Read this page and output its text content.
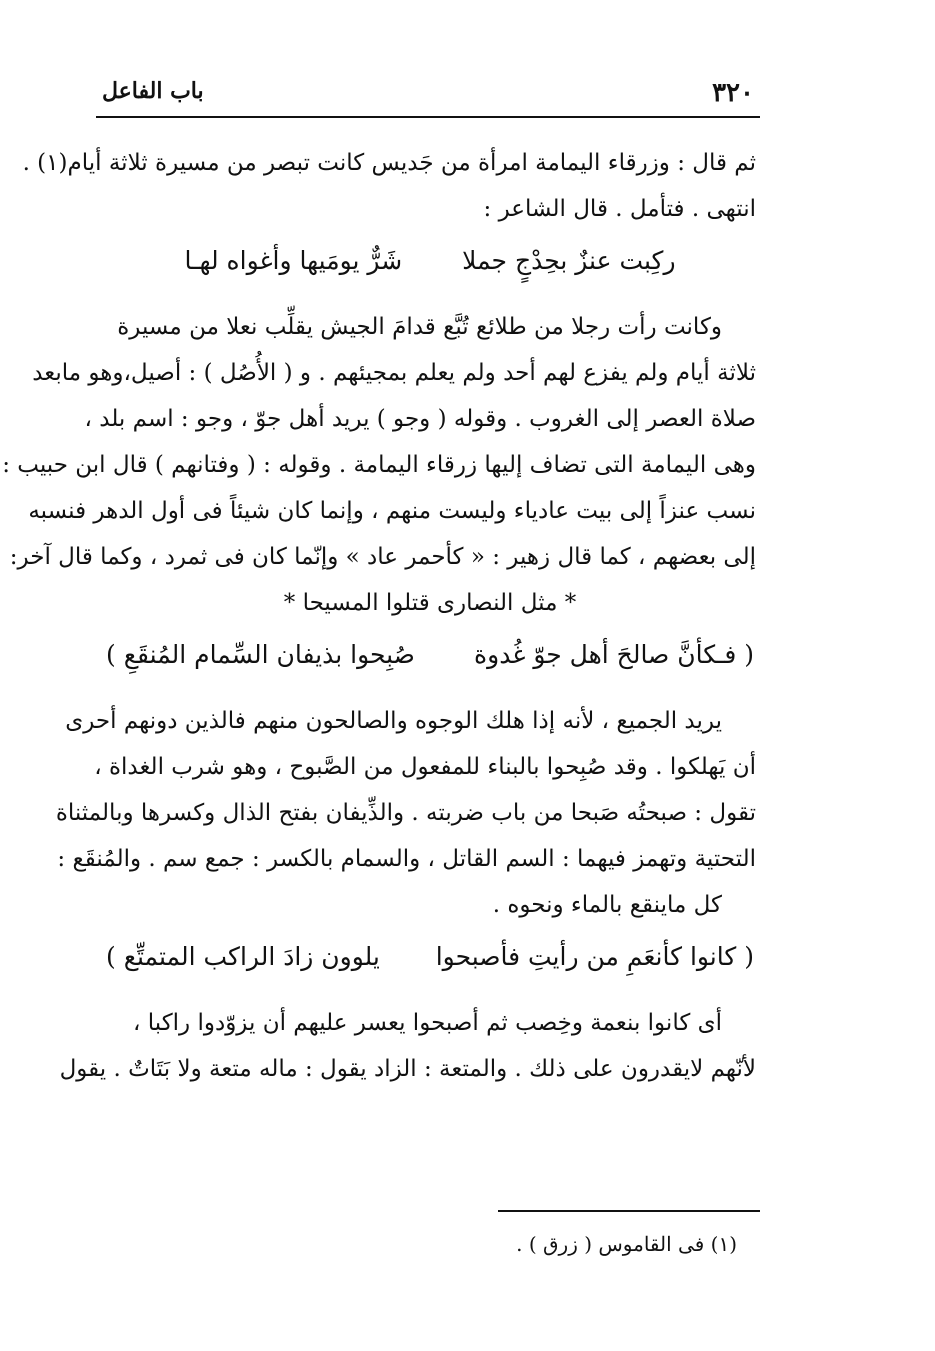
٣٢٠
باب الفاعل
ثم قال : وزرقاء اليمامة امرأة من جَديس كانت تبصر من مسيرة ثلاثة أيام(١) .
انتهى . فتأمل . قال الشاعر :
ركِبت عنزٌ بحِدْجٍ جملا
شَرٌّ يومَيها وأغواه لهـا
وكانت رأت رجلا من طلائع تُبَّع قدامَ الجيش يقلِّب نعلا من مسيرة
ثلاثة أيام ولم يفزع لهم أحد ولم يعلم بمجيئهم . و ( الأُصُل ) : أصيل،وهو مابعد
صلاة العصر إلى الغروب . وقوله ( وجو ) يريد أهل جوّ ، وجو : اسم بلد ،
وهى اليمامة التى تضاف إليها زرقاء اليمامة . وقوله : ( وفتانهم ) قال ابن حبيب :
نسب عنزاً إلى بيت عادياء وليست منهم ، وإنما كان شيئاً فى أول الدهر فنسبه
إلى بعضهم ، كما قال زهير : « كأحمر عاد » وإنّما كان فى ثمرد ، وكما قال آخر:
* مثل النصارى قتلوا المسيحا *
( فـكأنَّ صالحَ أهل جوّ غُدوة
صُبِحوا بذيفان السِّمام المُنقَعِ )
يريد الجميع ، لأنه إذا هلك الوجوه والصالحون منهم فالذين دونهم أحرى
أن يَهلكوا . وقد صُبِحوا بالبناء للمفعول من الصَّبوح ، وهو شرب الغداة ،
تقول : صبحتُه صَبحا من باب ضربته . والذِّيفان بفتح الذال وكسرها وبالمثناة
التحتية وتهمز فيهما : السم القاتل ، والسمام بالكسر : جمع سم . والمُنقَع :
كل ماينقع بالماء ونحوه .
( كانوا كأنعَمِ من رأيتِ فأصبحوا
يلوون زادَ الراكب المتمتِّع )
أى كانوا بنعمة وخِصب ثم أصبحوا يعسر عليهم أن يزوّدوا راكبا ،
لأنّهم لايقدرون على ذلك . والمتعة : الزاد يقول : ماله متعة ولا بَتَاتٌ . يقول
(١) فى القاموس ( زرق ) .
